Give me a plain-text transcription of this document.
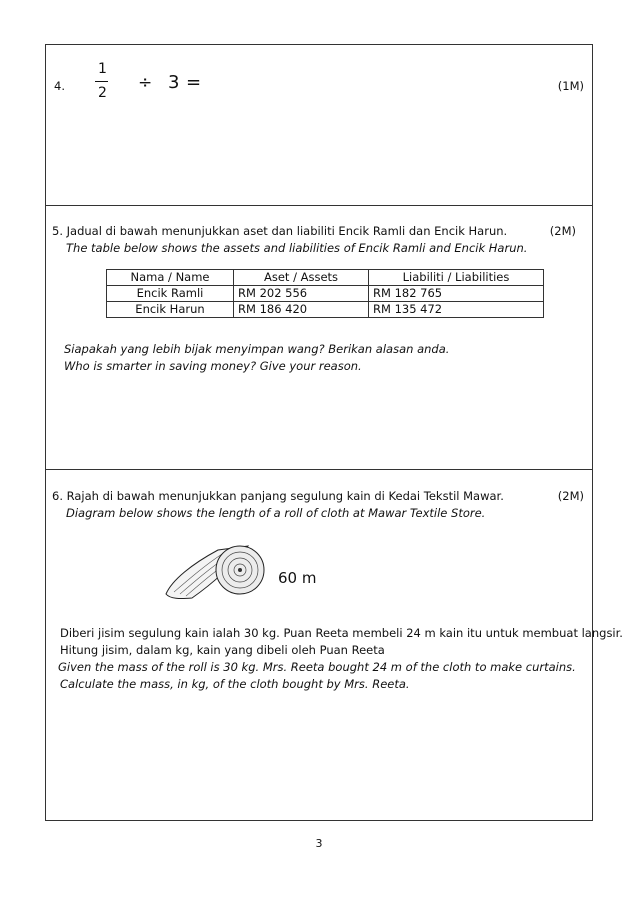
4.
1
2 ÷ 3 =	(1M)
5. Jadual di bawah menunjukkan aset dan liabiliti Encik Ramli dan Encik Harun.	(2M)
The table below shows the assets and liabilities of Encik Ramli and Encik Harun.
Nama / Name	Aset / Assets	Liabiliti / Liabilities
Encik Ramli	RM 202 556	RM 182 765
Encik Harun	RM 186 420	RM 135 472
Siapakah yang lebih bijak menyimpan wang? Berikan alasan anda.
Who is smarter in saving money? Give your reason.
6. Rajah di bawah menunjukkan panjang segulung kain di Kedai Tekstil Mawar.	(2M)
Diagram below shows the length of a roll of cloth at Mawar Textile Store.
60 m
Diberi jisim segulung kain ialah 30 kg. Puan Reeta membeli 24 m kain itu untuk membuat langsir.
Hitung jisim, dalam kg, kain yang dibeli oleh Puan Reeta
Given the mass of the roll is 30 kg. Mrs. Reeta bought 24 m of the cloth to make curtains.
Calculate the mass, in kg, of the cloth bought by Mrs. Reeta.
3
